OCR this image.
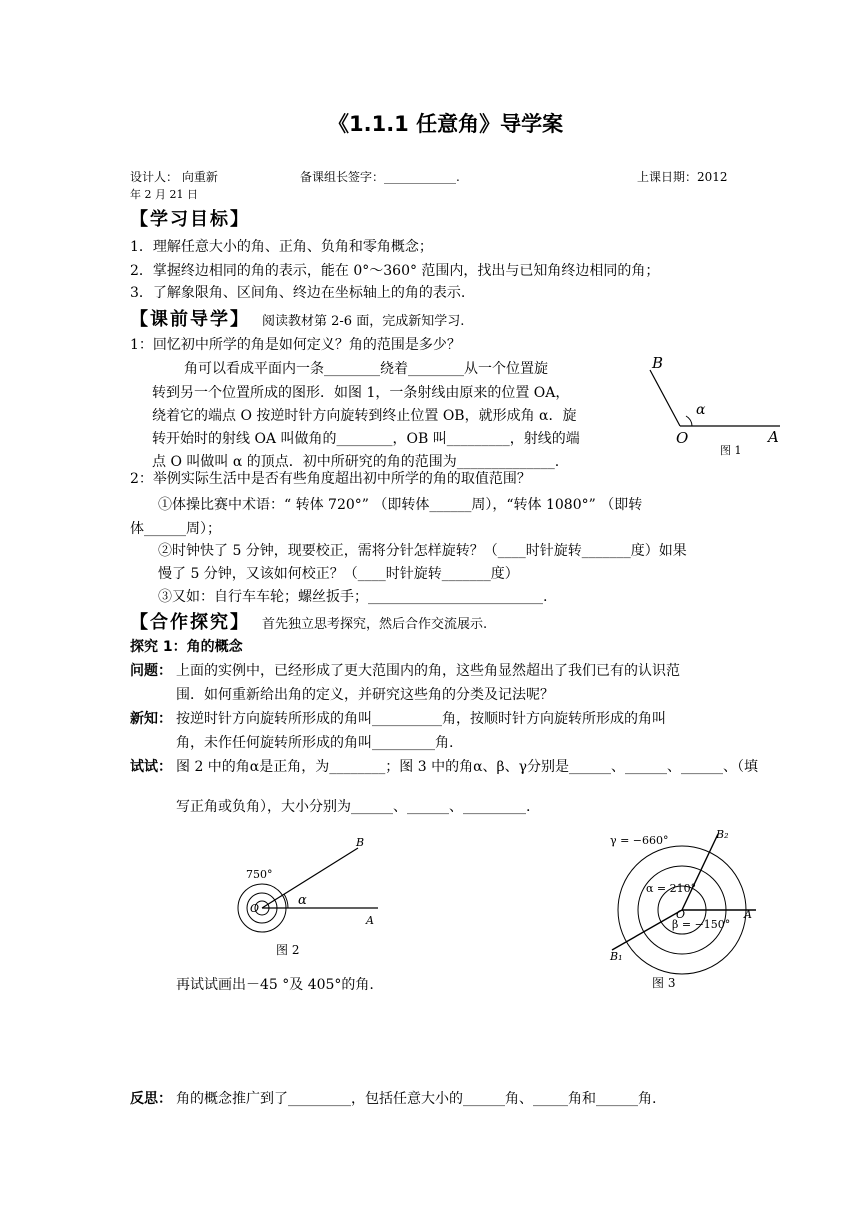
《1.1.1 任意角》导学案
设计人： 向重新	备课组长签字：____________.	上课日期：2012
年 2 月 21 日
【学习目标】
1．理解任意大小的角、正角、负角和零角概念；
2．掌握终边相同的角的表示，能在 0°～360° 范围内，找出与已知角终边相同的角；
3．了解象限角、区间角、终边在坐标轴上的角的表示.
【课前导学】 阅读教材第 2-6 面，完成新知学习.
1：回忆初中所学的角是如何定义？角的范围是多少？
角可以看成平面内一条________绕着________从一个位置旋
转到另一个位置所成的图形．如图 1，一条射线由原来的位置 OA，
绕着它的端点 O 按逆时针方向旋转到终止位置 OB，就形成角 α．旋
转开始时的射线 OA 叫做角的________，OB 叫_________，射线的端
点 O 叫做叫 α 的顶点．初中所研究的角的范围为______________.
B
O	A
α
图 1
2：举例实际生活中是否有些角度超出初中所学的角的取值范围？
①体操比赛中术语：“ 转体 720°” （即转体______周），“转体 1080°” （即转
体______周）；
②时钟快了 5 分钟，现要校正，需将分针怎样旋转？（____时针旋转_______度）如果
慢了 5 分钟，又该如何校正？（____时针旋转_______度）
③又如：自行车车轮；螺丝扳手；_________________________.
【合作探究】 首先独立思考探究，然后合作交流展示.
探究 1：角的概念
问题： 上面的实例中，已经形成了更大范围内的角，这些角显然超出了我们已有的认识范
围．如何重新给出角的定义，并研究这些角的分类及记法呢？
新知： 按逆时针方向旋转所形成的角叫__________角，按顺时针方向旋转所形成的角叫
角，未作任何旋转所形成的角叫_________角.
试试： 图 2 中的角α是正角，为________；图 3 中的角α、β、γ分别是______、______、______、（填
写正角或负角），大小分别为______、______、_________.
750°
B
O
A
α
图 2
γ = −660°
α = 210°
β = −150°
B₂
B₁
O	A
图 3
再试试画出－45 °及 405°的角.
反思： 角的概念推广到了_________，包括任意大小的______角、_____角和______角.
